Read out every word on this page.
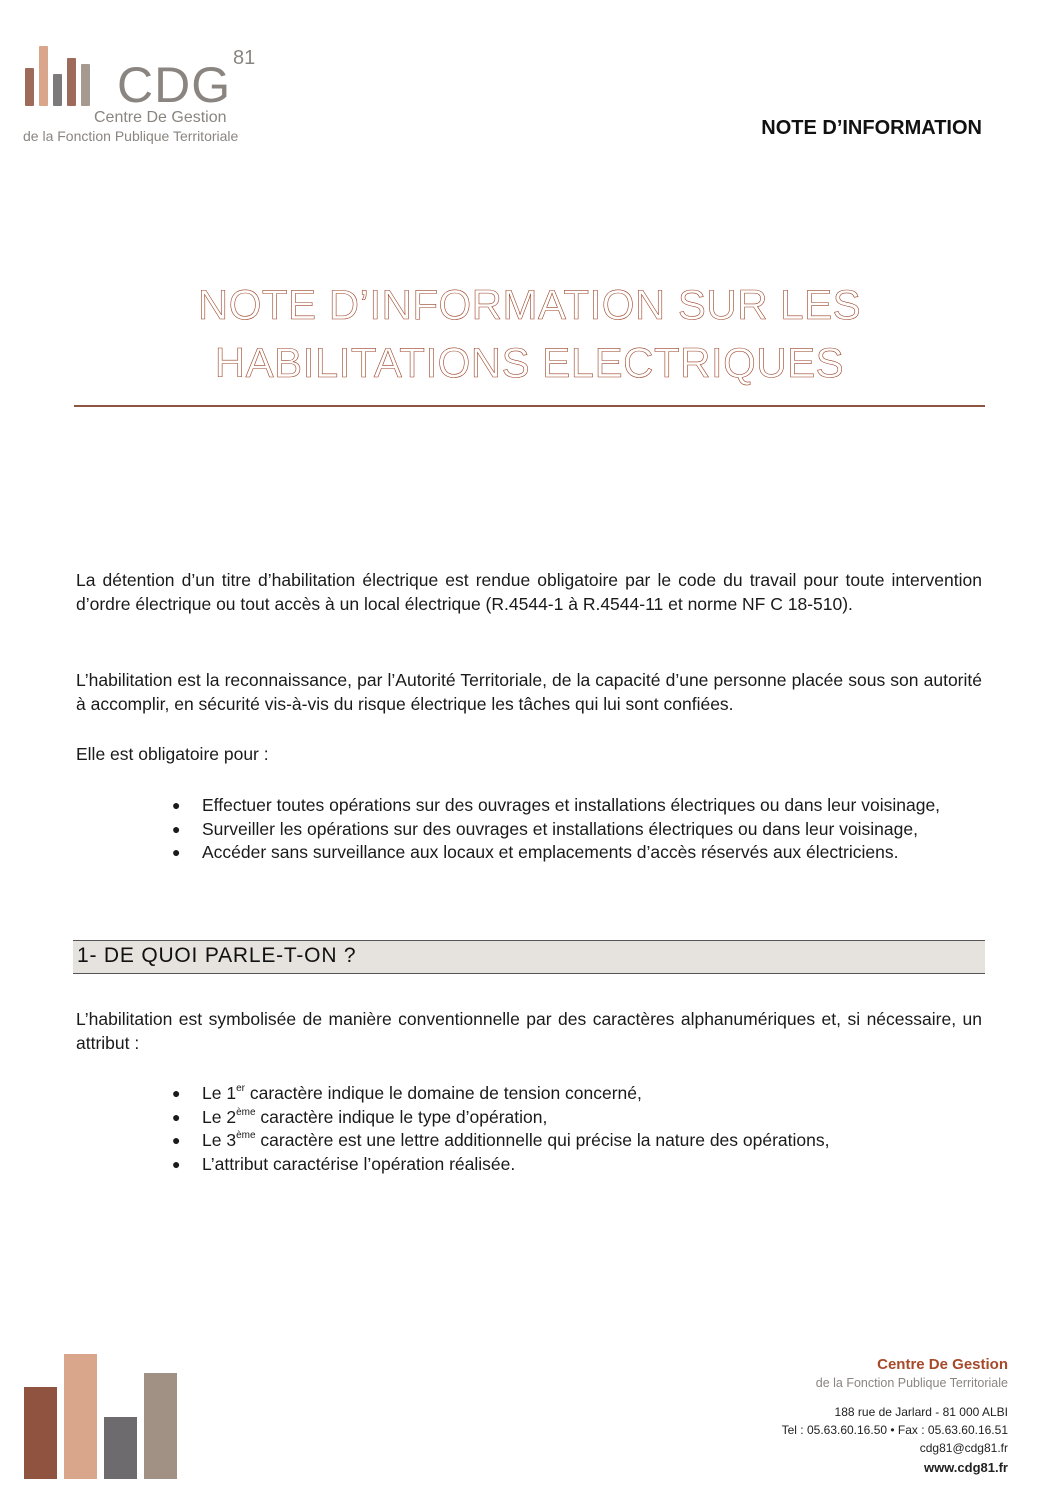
CDG 81
Centre De Gestion
de la Fonction Publique Territoriale	NOTE D’INFORMATION
NOTE D’INFORMATION SUR LES
HABILITATIONS ELECTRIQUES
La détention d’un titre d’habilitation électrique est rendue obligatoire par le code du travail pour toute intervention d’ordre électrique ou tout accès à un local électrique (R.4544-1 à R.4544-11 et norme NF C 18-510).
L’habilitation est la reconnaissance, par l’Autorité Territoriale, de la capacité d’une personne placée sous son autorité à accomplir, en sécurité vis-à-vis du risque électrique les tâches qui lui sont confiées.
Elle est obligatoire pour :
● Effectuer toutes opérations sur des ouvrages et installations électriques ou dans leur voisinage,
● Surveiller les opérations sur des ouvrages et installations électriques ou dans leur voisinage,
● Accéder sans surveillance aux locaux et emplacements d’accès réservés aux électriciens.
1- DE QUOI PARLE-T-ON ?
L’habilitation est symbolisée de manière conventionnelle par des caractères alphanumériques et, si nécessaire, un attribut :
● Le 1er caractère indique le domaine de tension concerné,
● Le 2ème caractère indique le type d’opération,
● Le 3ème caractère est une lettre additionnelle qui précise la nature des opérations,
● L’attribut caractérise l’opération réalisée.
Centre De Gestion
de la Fonction Publique Territoriale
188 rue de Jarlard - 81 000 ALBI
Tel : 05.63.60.16.50 • Fax : 05.63.60.16.51
cdg81@cdg81.fr
www.cdg81.fr
